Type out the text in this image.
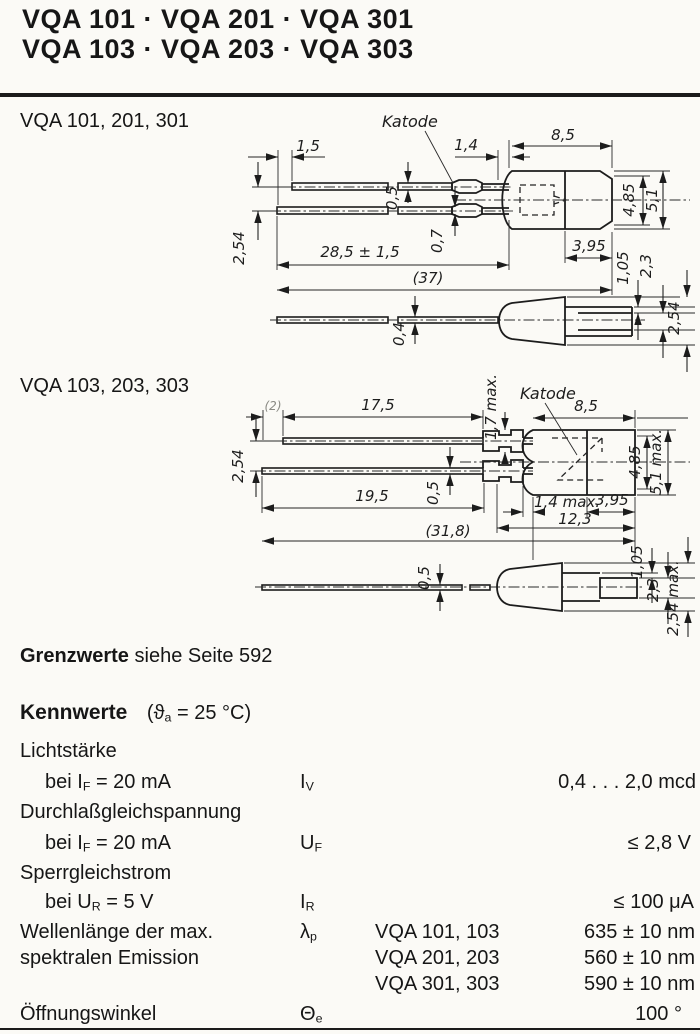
VQA 101 · VQA 201 · VQA 301
VQA 103 · VQA 203 · VQA 303
VQA 101, 201, 301
VQA 103, 203, 303
Katode
1,5	1,4
8,5
2,54
0,5
0,7
28,5 ± 1,5
(37)
3,95
4,85 5,1
0,4
1,05 2,3
2,54
Katode
(2)	17,5	1,7 max.	8,5
2,54
19,5 0,5	1,4 max.
3,95
12,3
(31,8)
4,85 5,1 max.
0,5	1,05
2,3 2,54 max.
Grenzwerte siehe Seite 592
Kennwerte ($ϑ_a = 25$ °C)
Lichtstärke
bei $I_F = 20$ mA	$I_V$	0,4 . . . 2,0 mcd
Durchlaßgleichspannung
bei $I_F = 20$ mA	$U_F$	≤ 2,8 V
Sperrgleichstrom
bei $U_R = 5$ V	$I_R$	≤ 100 μA
Wellenlänge der max.
spektralen Emission
$\lambda_p$	VQA 101, 103	635 ± 10 nm
VQA 201, 203	560 ± 10 nm
VQA 301, 303	590 ± 10 nm
Öffnungswinkel	$\Theta_e$	100 °
